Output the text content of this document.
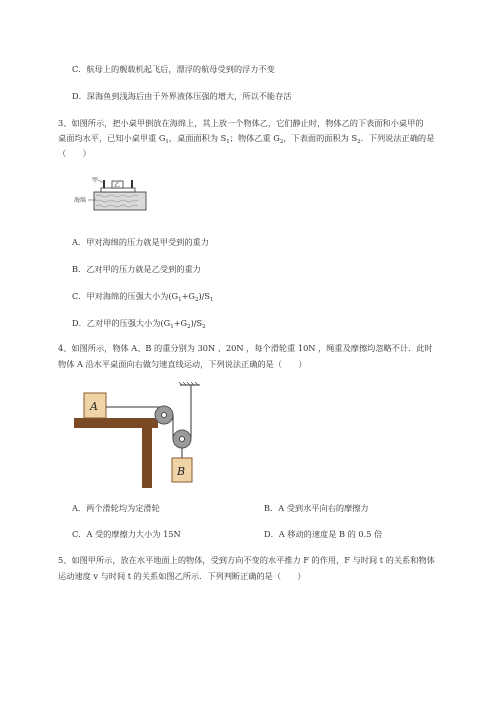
C．航母上的舰载机起飞后，漂浮的航母受到的浮力不变
D．深海鱼到浅海后由于外界液体压强的增大，所以不能存活
3、如图所示，把小桌甲倒放在海绵上，其上放一个物体乙，它们静止时，物体乙的下表面和小桌甲的
桌面均水平，已知小桌甲重 $G_1$，桌面面积为 $S_1$；物体乙重 $G_2$，下表面的面积为 $S_2$．下列说法正确的是
（　　）
乙
甲
海绵
A．甲对海绵的压力就是甲受到的重力
B．乙对甲的压力就是乙受到的重力
C．甲对海绵的压强大小为$(G_1+G_2)/S_1$
D．乙对甲的压强大小为$(G_1+G_2)/S_2$
4、如图所示，物体 A、B 的重分别为 30N 、20N ，每个滑轮重 10N ，绳重及摩擦均忽略不计．此时
物体 A 沿水平桌面向右做匀速直线运动，下列说法正确的是（　　）
A
B
A．两个滑轮均为定滑轮	B．A 受到水平向右的摩擦力
C．A 受的摩擦力大小为 15N	D．A 移动的速度是 B 的 0.5 倍
5、如图甲所示，放在水平地面上的物体，受到方向不变的水平推力 F 的作用，F 与时间 t 的关系和物体
运动速度 v 与时间 t 的关系如图乙所示．下列判断正确的是（　　）
